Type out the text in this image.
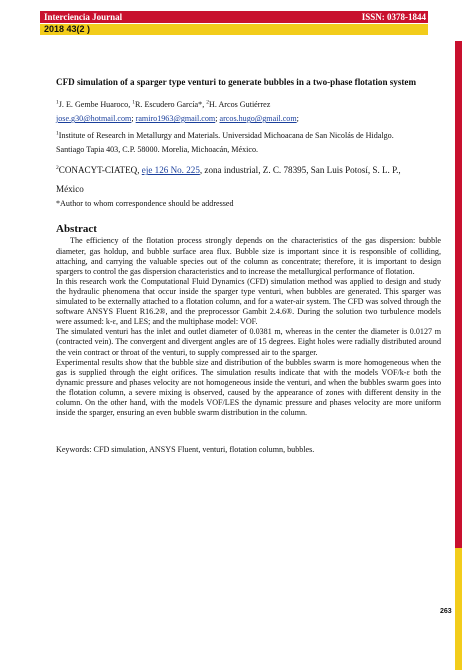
Interciencia Journal	ISSN: 0378-1844
2018 43(2 )

CFD simulation of a sparger type venturi to generate bubbles in a two-phase flotation system

$^1$J. E. Gembe Huaroco, $^1$R. Escudero García*, $^2$H. Arcos Gutiérrez

jose.g30@hotmail.com; ramiro1963@gmail.com; arcos.hugo@gmail.com;

$^1$Institute of Research in Metallurgy and Materials. Universidad Michoacana de San Nicolás de Hidalgo.

Santiago Tapia 403, C.P. 58000. Morelia, Michoacán, México.

$^2$CONACYT-CIATEQ, eje 126 No. 225, zona industrial, Z. C. 78395, San Luis Potosí, S. L. P.,

México

*Author to whom correspondence should be addressed

Abstract

The efficiency of the flotation process strongly depends on the characteristics of the gas dispersion: bubble diameter, gas holdup, and bubble surface area flux. Bubble size is important since it is responsible of colliding, attaching, and carrying the valuable species out of the column as concentrate; therefore, it is important to design spargers to control the gas dispersion characteristics and to increase the metallurgical performance of flotation.

In this research work the Computational Fluid Dynamics (CFD) simulation method was applied to design and study the hydraulic phenomena that occur inside the sparger type venturi, when bubbles are generated. This sparger was simulated to be externally attached to a flotation column, and for a water-air system. The CFD was solved through the software ANSYS Fluent R16.2®, and the preprocessor Gambit 2.4.6®. During the solution two turbulence models were assumed: k-ε, and LES; and the multiphase model: VOF.

The simulated venturi has the inlet and outlet diameter of 0.0381 m, whereas in the center the diameter is 0.0127 m (contracted vein). The convergent and divergent angles are of 15 degrees. Eight holes were radially distributed around the vein contract or throat of the venturi, to supply compressed air to the sparger.

Experimental results show that the bubble size and distribution of the bubbles swarm is more homogeneous when the gas is supplied through the eight orifices. The simulation results indicate that with the models VOF/k-ε both the dynamic pressure and phases velocity are not homogeneous inside the venturi, and when the bubbles swarm goes into the flotation column, a severe mixing is observed, caused by the appearance of zones with different density in the column. On the other hand, with the models VOF/LES the dynamic pressure and phases velocity are more uniform inside the sparger, ensuring an even bubble swarm distribution in the column.

Keywords: CFD simulation, ANSYS Fluent, venturi, flotation column, bubbles.

263
